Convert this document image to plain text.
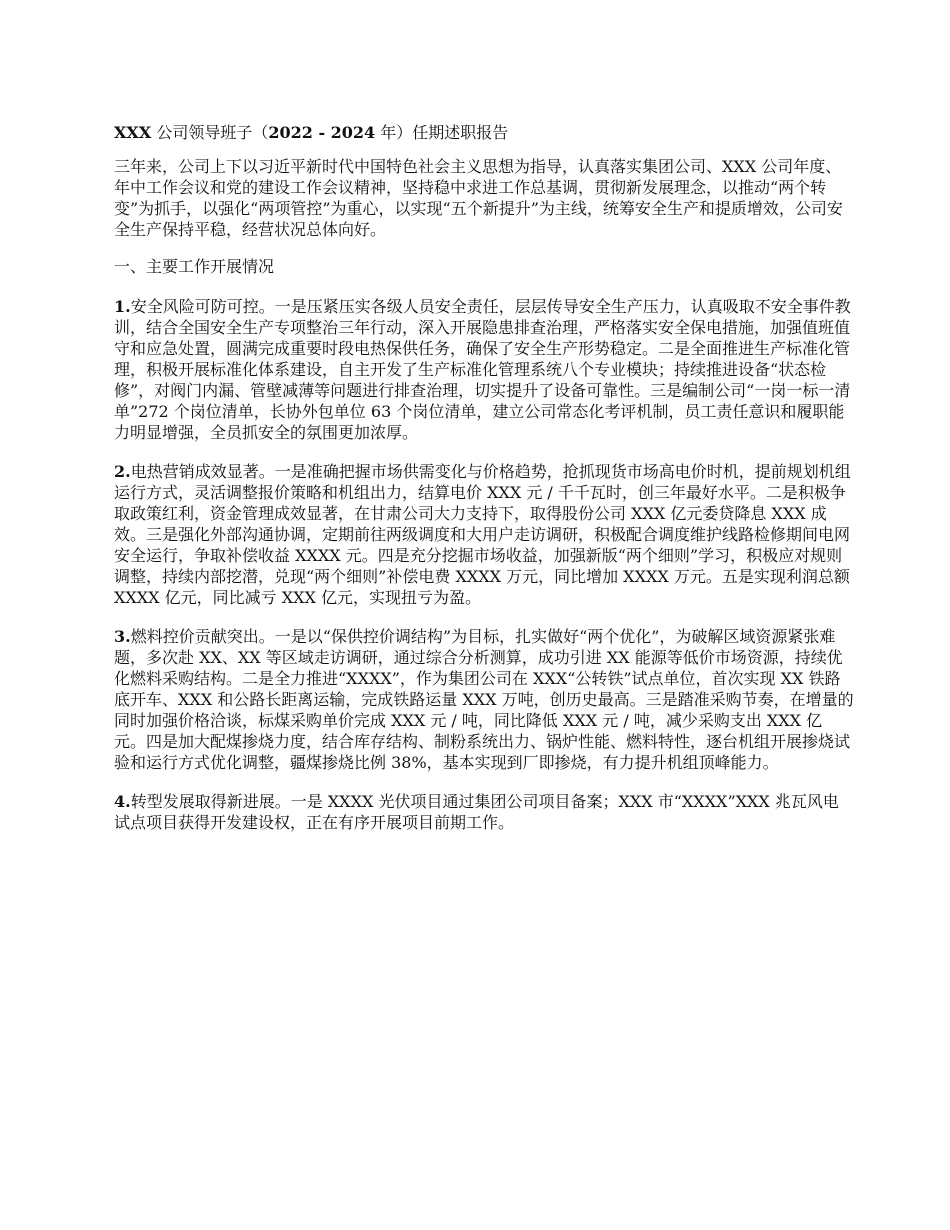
XXX 公司领导班子（2022 - 2024 年）任期述职报告

三年来，公司上下以习近平新时代中国特色社会主义思想为指导，认真落实集团公司、XXX 公司年度、年中工作会议和党的建设工作会议精神，坚持稳中求进工作总基调，贯彻新发展理念，以推动“两个转变”为抓手，以强化“两项管控”为重心，以实现“五个新提升”为主线，统筹安全生产和提质增效，公司安全生产保持平稳，经营状况总体向好。

一、主要工作开展情况

1.安全风险可防可控。一是压紧压实各级人员安全责任，层层传导安全生产压力，认真吸取不安全事件教训，结合全国安全生产专项整治三年行动，深入开展隐患排查治理，严格落实安全保电措施，加强值班值守和应急处置，圆满完成重要时段电热保供任务，确保了安全生产形势稳定。二是全面推进生产标准化管理，积极开展标准化体系建设，自主开发了生产标准化管理系统八个专业模块；持续推进设备“状态检修”，对阀门内漏、管壁减薄等问题进行排查治理，切实提升了设备可靠性。三是编制公司“一岗一标一清单”272 个岗位清单，长协外包单位 63 个岗位清单，建立公司常态化考评机制，员工责任意识和履职能力明显增强，全员抓安全的氛围更加浓厚。

2.电热营销成效显著。一是准确把握市场供需变化与价格趋势，抢抓现货市场高电价时机，提前规划机组运行方式，灵活调整报价策略和机组出力，结算电价 XXX 元 / 千千瓦时，创三年最好水平。二是积极争取政策红利，资金管理成效显著，在甘肃公司大力支持下，取得股份公司 XXX 亿元委贷降息 XXX 成效。三是强化外部沟通协调，定期前往两级调度和大用户走访调研，积极配合调度维护线路检修期间电网安全运行，争取补偿收益 XXXX 元。四是充分挖掘市场收益，加强新版“两个细则”学习，积极应对规则调整，持续内部挖潜，兑现“两个细则”补偿电费 XXXX 万元，同比增加 XXXX 万元。五是实现利润总额 XXXX 亿元，同比减亏 XXX 亿元，实现扭亏为盈。

3.燃料控价贡献突出。一是以“保供控价调结构”为目标，扎实做好“两个优化”，为破解区域资源紧张难题，多次赴 XX、XX 等区域走访调研，通过综合分析测算，成功引进 XX 能源等低价市场资源，持续优化燃料采购结构。二是全力推进“XXXX”，作为集团公司在 XXX“公转铁”试点单位，首次实现 XX 铁路底开车、XXX 和公路长距离运输，完成铁路运量 XXX 万吨，创历史最高。三是踏准采购节奏，在增量的同时加强价格洽谈，标煤采购单价完成 XXX 元 / 吨，同比降低 XXX 元 / 吨，减少采购支出 XXX 亿元。四是加大配煤掺烧力度，结合库存结构、制粉系统出力、锅炉性能、燃料特性，逐台机组开展掺烧试验和运行方式优化调整，疆煤掺烧比例 38%，基本实现到厂即掺烧，有力提升机组顶峰能力。

4.转型发展取得新进展。一是 XXXX 光伏项目通过集团公司项目备案；XXX 市“XXXX”XXX 兆瓦风电试点项目获得开发建设权，正在有序开展项目前期工作。
